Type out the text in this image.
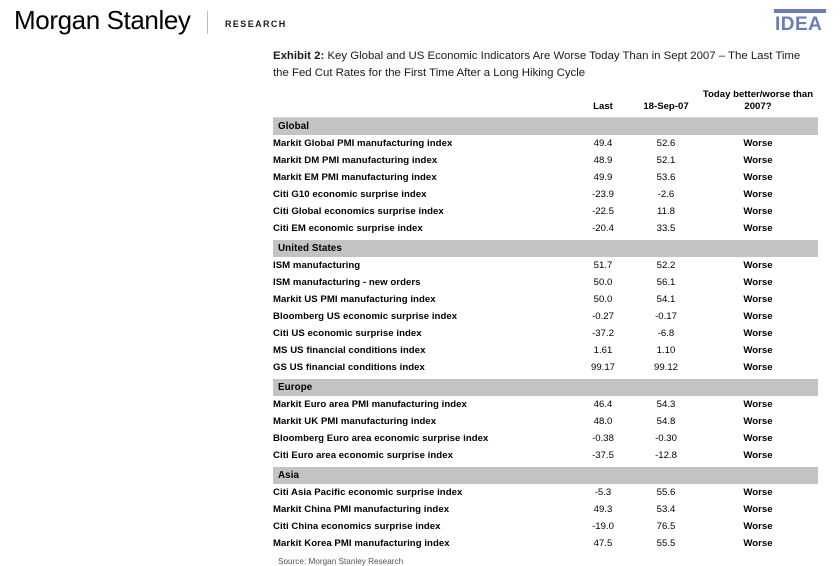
Morgan Stanley	RESEARCH	IDEA
Exhibit 2: Key Global and US Economic Indicators Are Worse Today Than in Sept 2007 – The Last Time the Fed Cut Rates for the First Time After a Long Hiking Cycle
	Last	18-Sep-07	Today better/worse than 2007?
Global			
Markit Global PMI manufacturing index	49.4	52.6	Worse
Markit DM PMI manufacturing index	48.9	52.1	Worse
Markit EM PMI manufacturing index	49.9	53.6	Worse
Citi G10 economic surprise index	-23.9	-2.6	Worse
Citi Global economics surprise index	-22.5	11.8	Worse
Citi EM economic surprise index	-20.4	33.5	Worse

United States			
ISM manufacturing	51.7	52.2	Worse
ISM manufacturing - new orders	50.0	56.1	Worse
Markit US PMI manufacturing index	50.0	54.1	Worse
Bloomberg US economic surprise index	-0.27	-0.17	Worse
Citi US economic surprise index	-37.2	-6.8	Worse
MS US financial conditions index	1.61	1.10	Worse
GS US financial conditions index	99.17	99.12	Worse

Europe			
Markit Euro area PMI manufacturing index	46.4	54.3	Worse
Markit UK PMI manufacturing index	48.0	54.8	Worse
Bloomberg Euro area economic surprise index	-0.38	-0.30	Worse
Citi Euro area economic surprise index	-37.5	-12.8	Worse

Asia			
Citi Asia Pacific economic surprise index	-5.3	55.6	Worse
Markit China PMI manufacturing index	49.3	53.4	Worse
Citi China economics surprise index	-19.0	76.5	Worse
Markit Korea PMI manufacturing index	47.5	55.5	Worse
Source: Morgan Stanley Research
